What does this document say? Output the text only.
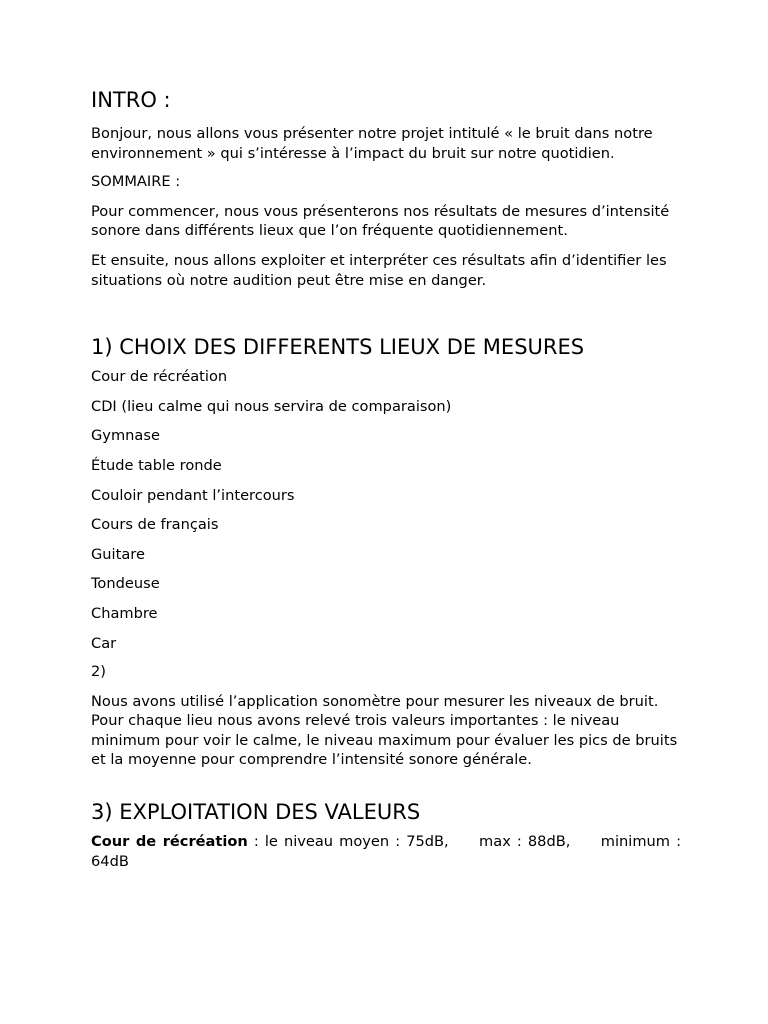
INTRO :
Bonjour, nous allons vous présenter notre projet intitulé « le bruit dans notre environnement » qui s’intéresse à l’impact du bruit sur notre quotidien.
SOMMAIRE :
Pour commencer, nous vous présenterons nos résultats de mesures d’intensité sonore dans différents lieux que l’on fréquente quotidiennement.
Et ensuite, nous allons exploiter et interpréter ces résultats afin d’identifier les situations où notre audition peut être mise en danger.
1) CHOIX DES DIFFERENTS LIEUX DE MESURES
Cour de récréation
CDI (lieu calme qui nous servira de comparaison)
Gymnase
Étude table ronde
Couloir pendant l’intercours
Cours de français
Guitare
Tondeuse
Chambre
Car
2)
Nous avons utilisé l’application sonomètre pour mesurer les niveaux de bruit. Pour chaque lieu nous avons relevé trois valeurs importantes : le niveau minimum pour voir le calme, le niveau maximum pour évaluer les pics de bruits et la moyenne pour comprendre l’intensité sonore générale.
3) EXPLOITATION DES VALEURS
Cour de récréation : le niveau moyen : 75dB,     max : 88dB,     minimum : 64dB
